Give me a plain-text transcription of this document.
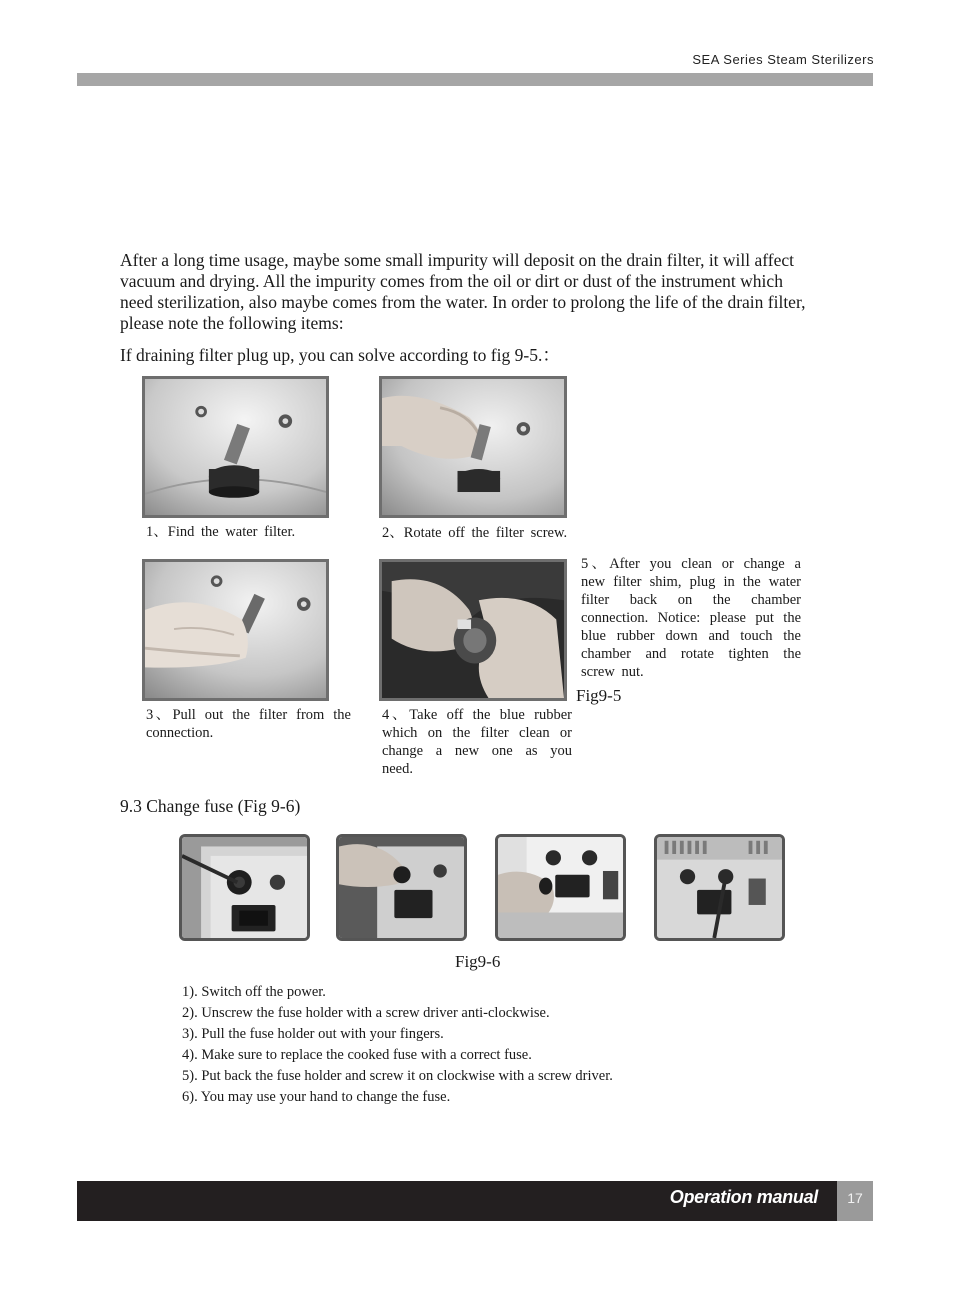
SEA Series Steam Sterilizers

After a long time usage, maybe some small impurity will deposit on the drain filter, it will affect vacuum and drying. All the impurity comes from the oil or dirt or dust of the instrument which need sterilization, also maybe comes from the water. In order to prolong the life of the drain filter, please note the following items:

If draining filter plug up, you can solve according to fig 9-5.：

1、Find the water filter.	2、Rotate off the filter screw.
3、Pull out the filter from the connection.
4、Take off the blue rubber which on the filter clean or change a new one as you need.
5、After you clean or change a new filter shim, plug in the water filter back on the chamber connection. Notice: please put the blue rubber down and touch the chamber and rotate tighten the screw nut.
Fig9-5
9.3 Change fuse (Fig 9-6)
Fig9-6
1). Switch off the power.
2). Unscrew the fuse holder with a screw driver anti-clockwise.
3). Pull the fuse holder out with your fingers.
4). Make sure to replace the cooked fuse with a correct fuse.
5). Put back the fuse holder and screw it on clockwise with a screw driver.
6). You may use your hand to change the fuse.
Operation manual	17
